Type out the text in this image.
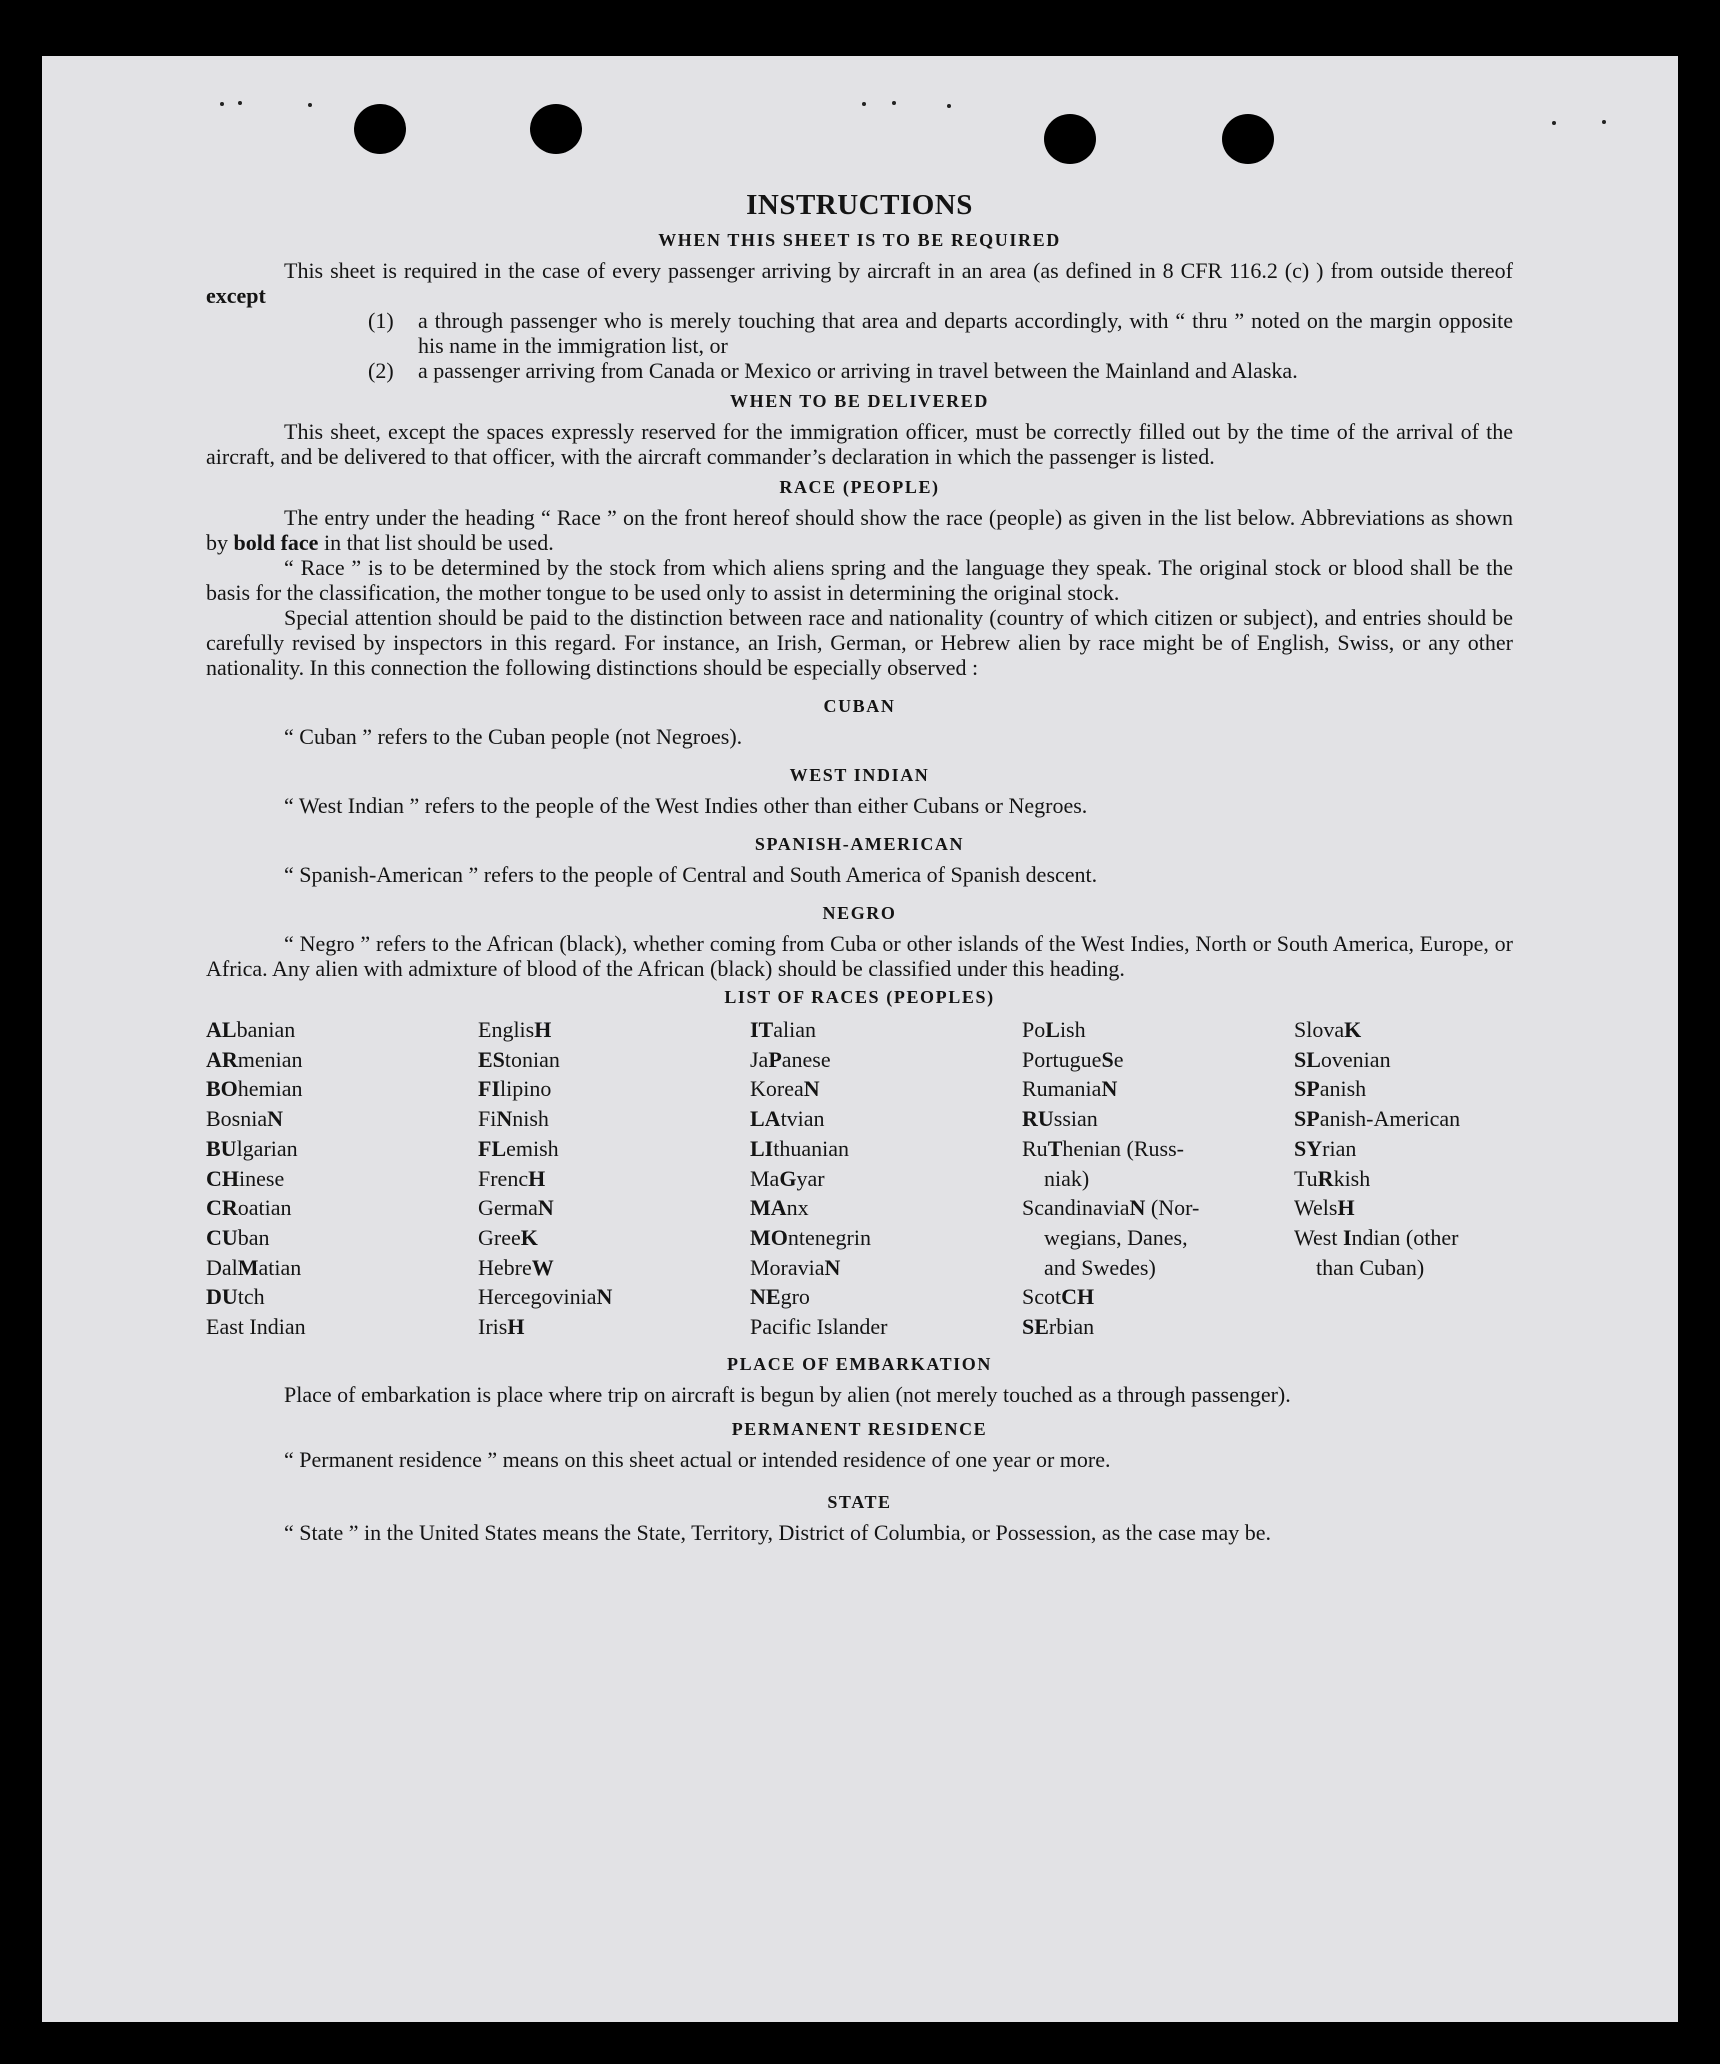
INSTRUCTIONS
WHEN THIS SHEET IS TO BE REQUIRED

This sheet is required in the case of every passenger arriving by aircraft in an area (as defined in 8 CFR 116.2 (c) ) from outside thereof except

(1)	a through passenger who is merely touching that area and departs accordingly, with “ thru ” noted on the margin opposite his name in the immigration list, or
(2)	a passenger arriving from Canada or Mexico or arriving in travel between the Mainland and Alaska.
WHEN TO BE DELIVERED

This sheet, except the spaces expressly reserved for the immigration officer, must be correctly filled out by the time of the arrival of the aircraft, and be delivered to that officer, with the aircraft commander’s declaration in which the passenger is listed.

RACE (PEOPLE)

The entry under the heading “ Race ” on the front hereof should show the race (people) as given in the list below. Abbreviations as shown by bold face in that list should be used.

“ Race ” is to be determined by the stock from which aliens spring and the language they speak. The original stock or blood shall be the basis for the classification, the mother tongue to be used only to assist in determining the original stock.

Special attention should be paid to the distinction between race and nationality (country of which citizen or subject), and entries should be carefully revised by inspectors in this regard. For instance, an Irish, German, or Hebrew alien by race might be of English, Swiss, or any other nationality. In this connection the following distinctions should be especially observed :

CUBAN

“ Cuban ” refers to the Cuban people (not Negroes).

WEST INDIAN

“ West Indian ” refers to the people of the West Indies other than either Cubans or Negroes.

SPANISH-AMERICAN

“ Spanish-American ” refers to the people of Central and South America of Spanish descent.

NEGRO

“ Negro ” refers to the African (black), whether coming from Cuba or other islands of the West Indies, North or South America, Europe, or Africa. Any alien with admixture of blood of the African (black) should be classified under this heading.

LIST OF RACES (PEOPLES)
ALbanian
ARmenian
BOhemian
BosniaN
BUlgarian
CHinese
CRoatian
CUban
DalMatian
DUtch
East Indian
EnglisH
EStonian
FIlipino
FiNnish
FLemish
FrencH
GermaN
GreeK
HebreW
HercegoviniaN
IrisH
ITalian
JaPanese
KoreaN
LAtvian
LIthuanian
MaGyar
MAnx
MOntenegrin
MoraviaN
NEgro
Pacific Islander
PoLish
PortugueSe
RumaniaN
RUssian
RuThenian (Russ-
niak)
ScandinaviaN (Nor-
wegians, Danes,
and Swedes)
ScotCH
SErbian
SlovaK
SLovenian
SPanish
SPanish-American
SYrian
TuRkish
WelsH
West Indian (other
than Cuban)
PLACE OF EMBARKATION

Place of embarkation is place where trip on aircraft is begun by alien (not merely touched as a through passenger).

PERMANENT RESIDENCE

“ Permanent residence ” means on this sheet actual or intended residence of one year or more.

STATE

“ State ” in the United States means the State, Territory, District of Columbia, or Possession, as the case may be.
